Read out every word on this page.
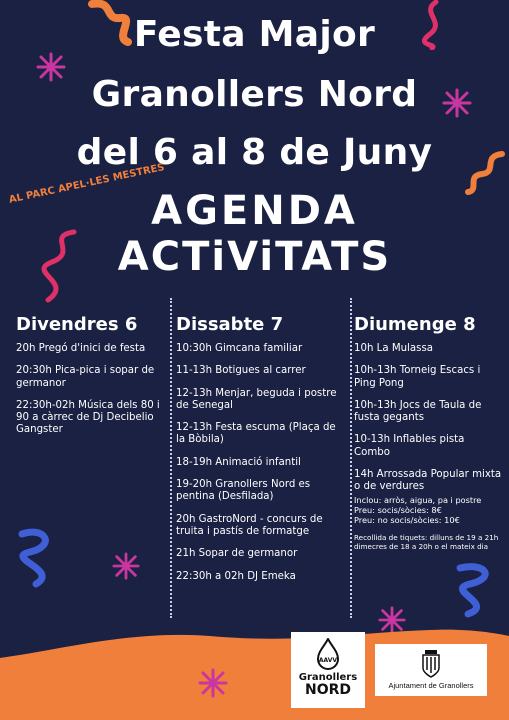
Festa Major
Granollers Nord
del 6 al 8 de Juny
AL PARC APEL·LES MESTRES
AGENDA
ACTiViTATS
Divendres 6
20h Pregó d'inici de festa
20:30h Pica-pica i sopar de germanor
22:30h-02h Música dels 80 i 90 a càrrec de Dj Decibelio Gangster
Dissabte 7
10:30h Gimcana familiar
11-13h Botigues al carrer
12-13h Menjar, beguda i postre de Senegal
12-13h Festa escuma (Plaça de la Bòbila)
18-19h Animació infantil
19-20h Granollers Nord es pentina (Desfilada)
20h GastroNord - concurs de truita i pastís de formatge
21h Sopar de germanor
22:30h a 02h DJ Emeka
Diumenge 8
10h La Mulassa
10h-13h Torneig Escacs i Ping Pong
10h-13h Jocs de Taula de fusta gegants
10-13h Inflables pista Combo
14h Arrossada Popular mixta o de verdures
Inclou: arròs, aigua, pa i postre
Preu: socis/sòcies: 8€
Preu: no socis/sòcies: 10€
Recollida de tiquets: dilluns de 19 a 21h dimecres de 18 a 20h o el mateix dia
AAVV
Granollers
NORD	Ajuntament de Granollers
